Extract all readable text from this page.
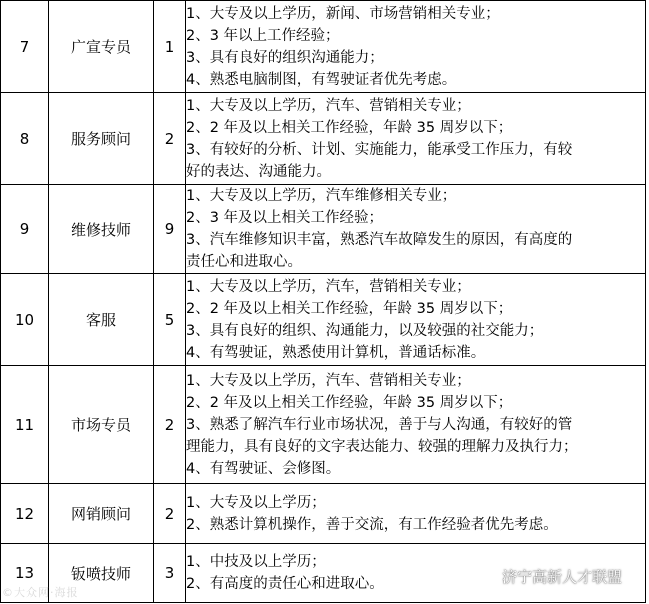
7	广宣专员	1	1、大专及以上学历，新闻、市场营销相关专业；
2、3 年以上工作经验；
3、具有良好的组织沟通能力；
4、熟悉电脑制图，有驾驶证者优先考虑。

8	服务顾问	2	1、大专及以上学历，汽车、营销相关专业；
2、2 年及以上相关工作经验，年龄 35 周岁以下；
3、有较好的分析、计划、实施能力，能承受工作压力，有较
好的表达、沟通能力。

9	维修技师	9	1、大专及以上学历，汽车维修相关专业；
2、3 年及以上相关工作经验；
3、汽车维修知识丰富，熟悉汽车故障发生的原因，有高度的
责任心和进取心。

10	客服	5	1、大专及以上学历，汽车，营销相关专业；
2、2 年及以上相关工作经验，年龄 35 周岁以下；
3、具有良好的组织、沟通能力，以及较强的社交能力；
4、有驾驶证，熟悉使用计算机，普通话标准。

11	市场专员	2	1、大专及以上学历，汽车、营销相关专业；
2、2 年及以上相关工作经验，年龄 35 周岁以下；
3、熟悉了解汽车行业市场状况，善于与人沟通，有较好的管
理能力，具有良好的文字表达能力、较强的理解力及执行力；
4、有驾驶证、会修图。

12	网销顾问	2	1、大专及以上学历；
2、熟悉计算机操作，善于交流，有工作经验者优先考虑。

13	钣喷技师	3	1、中技及以上学历；
2、有高度的责任心和进取心。
©大众网·海报
济宁高新人才联盟
